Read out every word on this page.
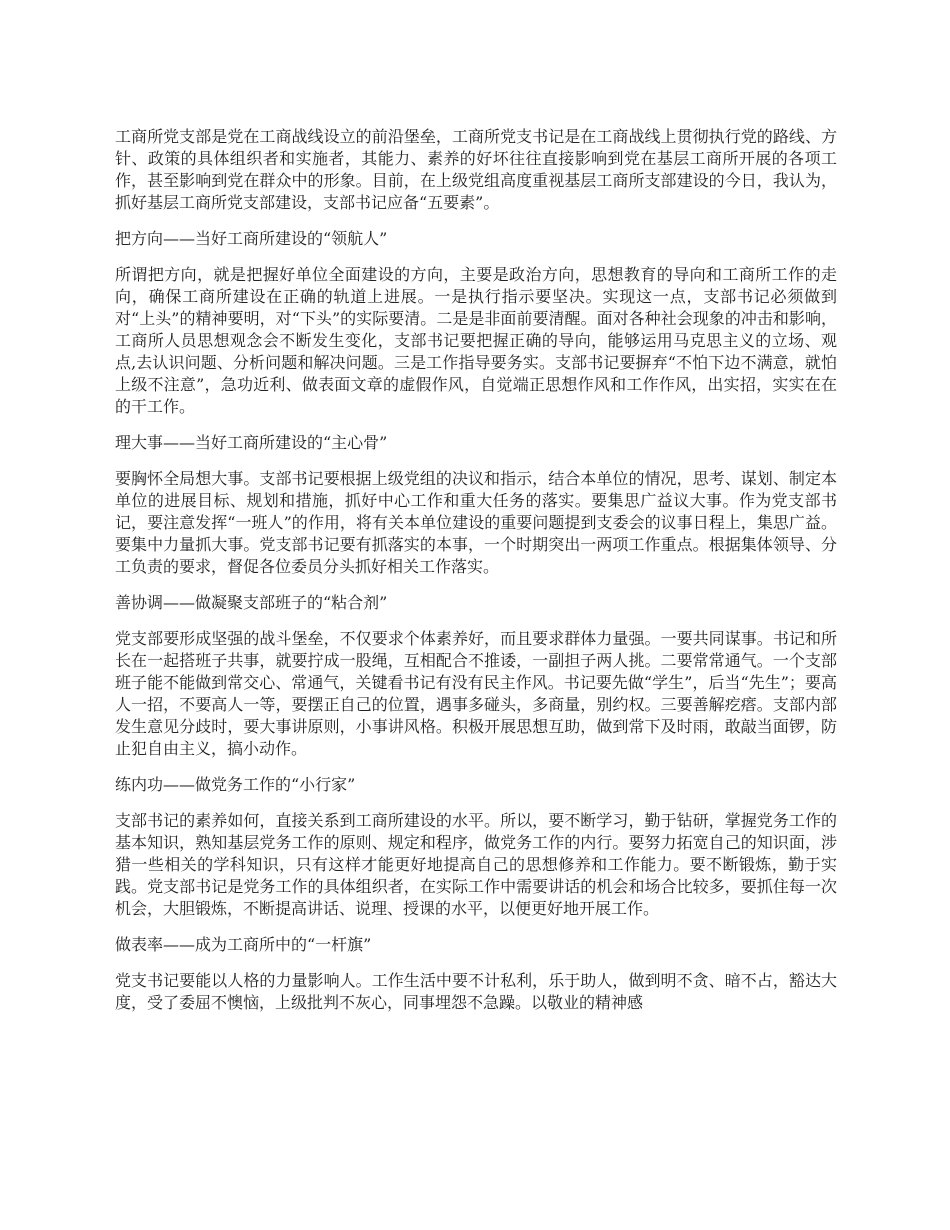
工商所党支部是党在工商战线设立的前沿堡垒，工商所党支书记是在工商战线上贯彻执行党的路线、方针、政策的具体组织者和实施者，其能力、素养的好坏往往直接影响到党在基层工商所开展的各项工作，甚至影响到党在群众中的形象。目前，在上级党组高度重视基层工商所支部建设的今日，我认为，抓好基层工商所党支部建设，支部书记应备“五要素”。

把方向——当好工商所建设的“领航人”

所谓把方向，就是把握好单位全面建设的方向，主要是政治方向，思想教育的导向和工商所工作的走向，确保工商所建设在正确的轨道上进展。一是执行指示要坚决。实现这一点，支部书记必须做到对“上头”的精神要明，对“下头”的实际要清。二是是非面前要清醒。面对各种社会现象的冲击和影响，工商所人员思想观念会不断发生变化，支部书记要把握正确的导向，能够运用马克思主义的立场、观点,去认识问题、分析问题和解决问题。三是工作指导要务实。支部书记要摒弃“不怕下边不满意，就怕上级不注意”，急功近利、做表面文章的虚假作风，自觉端正思想作风和工作作风，出实招，实实在在的干工作。

理大事——当好工商所建设的“主心骨”

要胸怀全局想大事。支部书记要根据上级党组的决议和指示，结合本单位的情况，思考、谋划、制定本单位的进展目标、规划和措施，抓好中心工作和重大任务的落实。要集思广益议大事。作为党支部书记，要注意发挥“一班人”的作用，将有关本单位建设的重要问题提到支委会的议事日程上，集思广益。要集中力量抓大事。党支部书记要有抓落实的本事，一个时期突出一两项工作重点。根据集体领导、分工负责的要求，督促各位委员分头抓好相关工作落实。

善协调——做凝聚支部班子的“粘合剂”

党支部要形成坚强的战斗堡垒，不仅要求个体素养好，而且要求群体力量强。一要共同谋事。书记和所长在一起搭班子共事，就要拧成一股绳，互相配合不推诿，一副担子两人挑。二要常常通气。一个支部班子能不能做到常交心、常通气，关键看书记有没有民主作风。书记要先做“学生”，后当“先生”；要高人一招，不要高人一等，要摆正自己的位置，遇事多碰头，多商量，别约权。三要善解疙瘩。支部内部发生意见分歧时，要大事讲原则，小事讲风格。积极开展思想互助，做到常下及时雨，敢敲当面锣，防止犯自由主义，搞小动作。

练内功——做党务工作的“小行家”

支部书记的素养如何，直接关系到工商所建设的水平。所以，要不断学习，勤于钻研，掌握党务工作的基本知识，熟知基层党务工作的原则、规定和程序，做党务工作的内行。要努力拓宽自己的知识面，涉猎一些相关的学科知识，只有这样才能更好地提高自己的思想修养和工作能力。要不断锻炼，勤于实践。党支部书记是党务工作的具体组织者，在实际工作中需要讲话的机会和场合比较多，要抓住每一次机会，大胆锻炼，不断提高讲话、说理、授课的水平，以便更好地开展工作。

做表率——成为工商所中的“一杆旗”

党支书记要能以人格的力量影响人。工作生活中要不计私利，乐于助人，做到明不贪、暗不占，豁达大度，受了委屈不懊恼，上级批判不灰心，同事埋怨不急躁。以敬业的精神感
